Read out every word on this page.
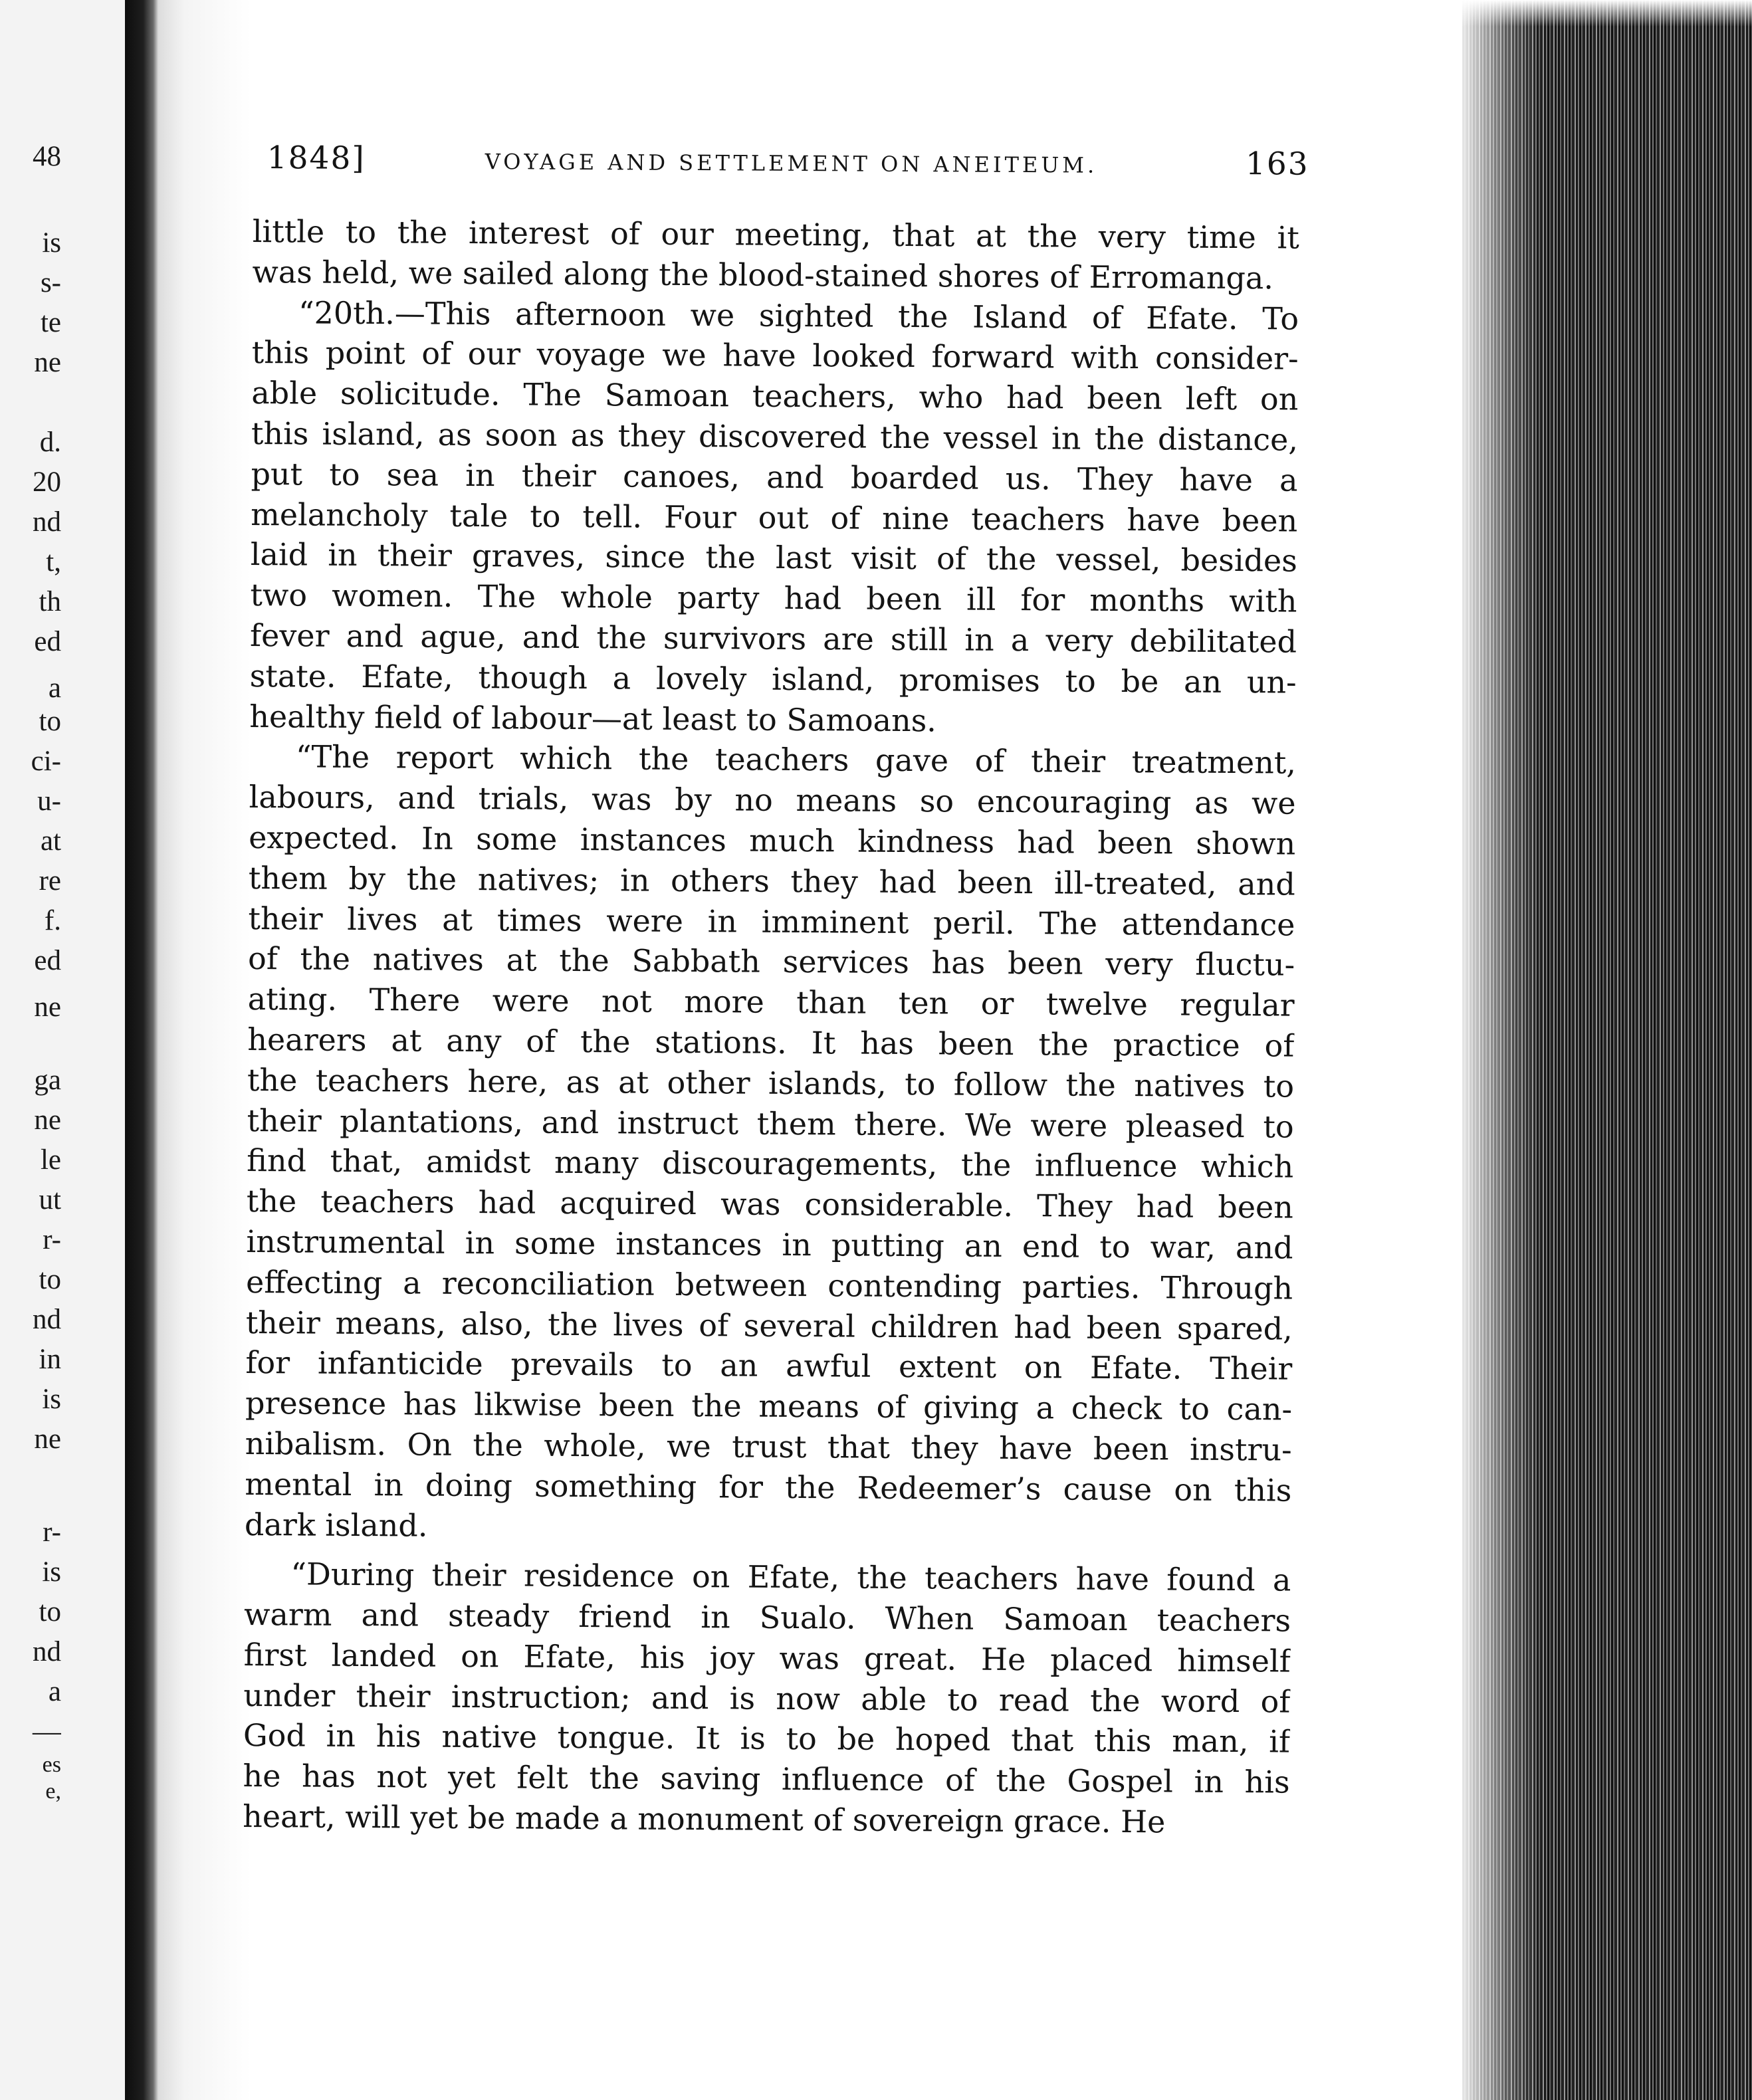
48
is
s-
te
ne
d.
20
nd
t,
th
ed
a
to
ci-
u-
at
re
f.
ed
ne
ga
ne
le
ut
r-
to
nd
in
is
ne
r-
is
to
nd
a
—
es
e,
1848]	VOYAGE AND SETTLEMENT ON ANEITEUM.	163
little to the interest of our meeting, that at the very time it
was held, we sailed along the blood-stained shores of Erromanga.
“20th.—This afternoon we sighted the Island of Efate. To
this point of our voyage we have looked forward with consider-
able solicitude. The Samoan teachers, who had been left on
this island, as soon as they discovered the vessel in the distance,
put to sea in their canoes, and boarded us. They have a
melancholy tale to tell. Four out of nine teachers have been
laid in their graves, since the last visit of the vessel, besides
two women. The whole party had been ill for months with
fever and ague, and the survivors are still in a very debilitated
state. Efate, though a lovely island, promises to be an un-
healthy field of labour—at least to Samoans.
“The report which the teachers gave of their treatment,
labours, and trials, was by no means so encouraging as we
expected. In some instances much kindness had been shown
them by the natives; in others they had been ill-treated, and
their lives at times were in imminent peril. The attendance
of the natives at the Sabbath services has been very fluctu-
ating. There were not more than ten or twelve regular
hearers at any of the stations. It has been the practice of
the teachers here, as at other islands, to follow the natives to
their plantations, and instruct them there. We were pleased to
find that, amidst many discouragements, the influence which
the teachers had acquired was considerable. They had been
instrumental in some instances in putting an end to war, and
effecting a reconciliation between contending parties. Through
their means, also, the lives of several children had been spared,
for infanticide prevails to an awful extent on Efate. Their
presence has likwise been the means of giving a check to can-
nibalism. On the whole, we trust that they have been instru-
mental in doing something for the Redeemer’s cause on this
dark island.
“During their residence on Efate, the teachers have found a
warm and steady friend in Sualo. When Samoan teachers
first landed on Efate, his joy was great. He placed himself
under their instruction; and is now able to read the word of
God in his native tongue. It is to be hoped that this man, if
he has not yet felt the saving influence of the Gospel in his
heart, will yet be made a monument of sovereign grace. He
